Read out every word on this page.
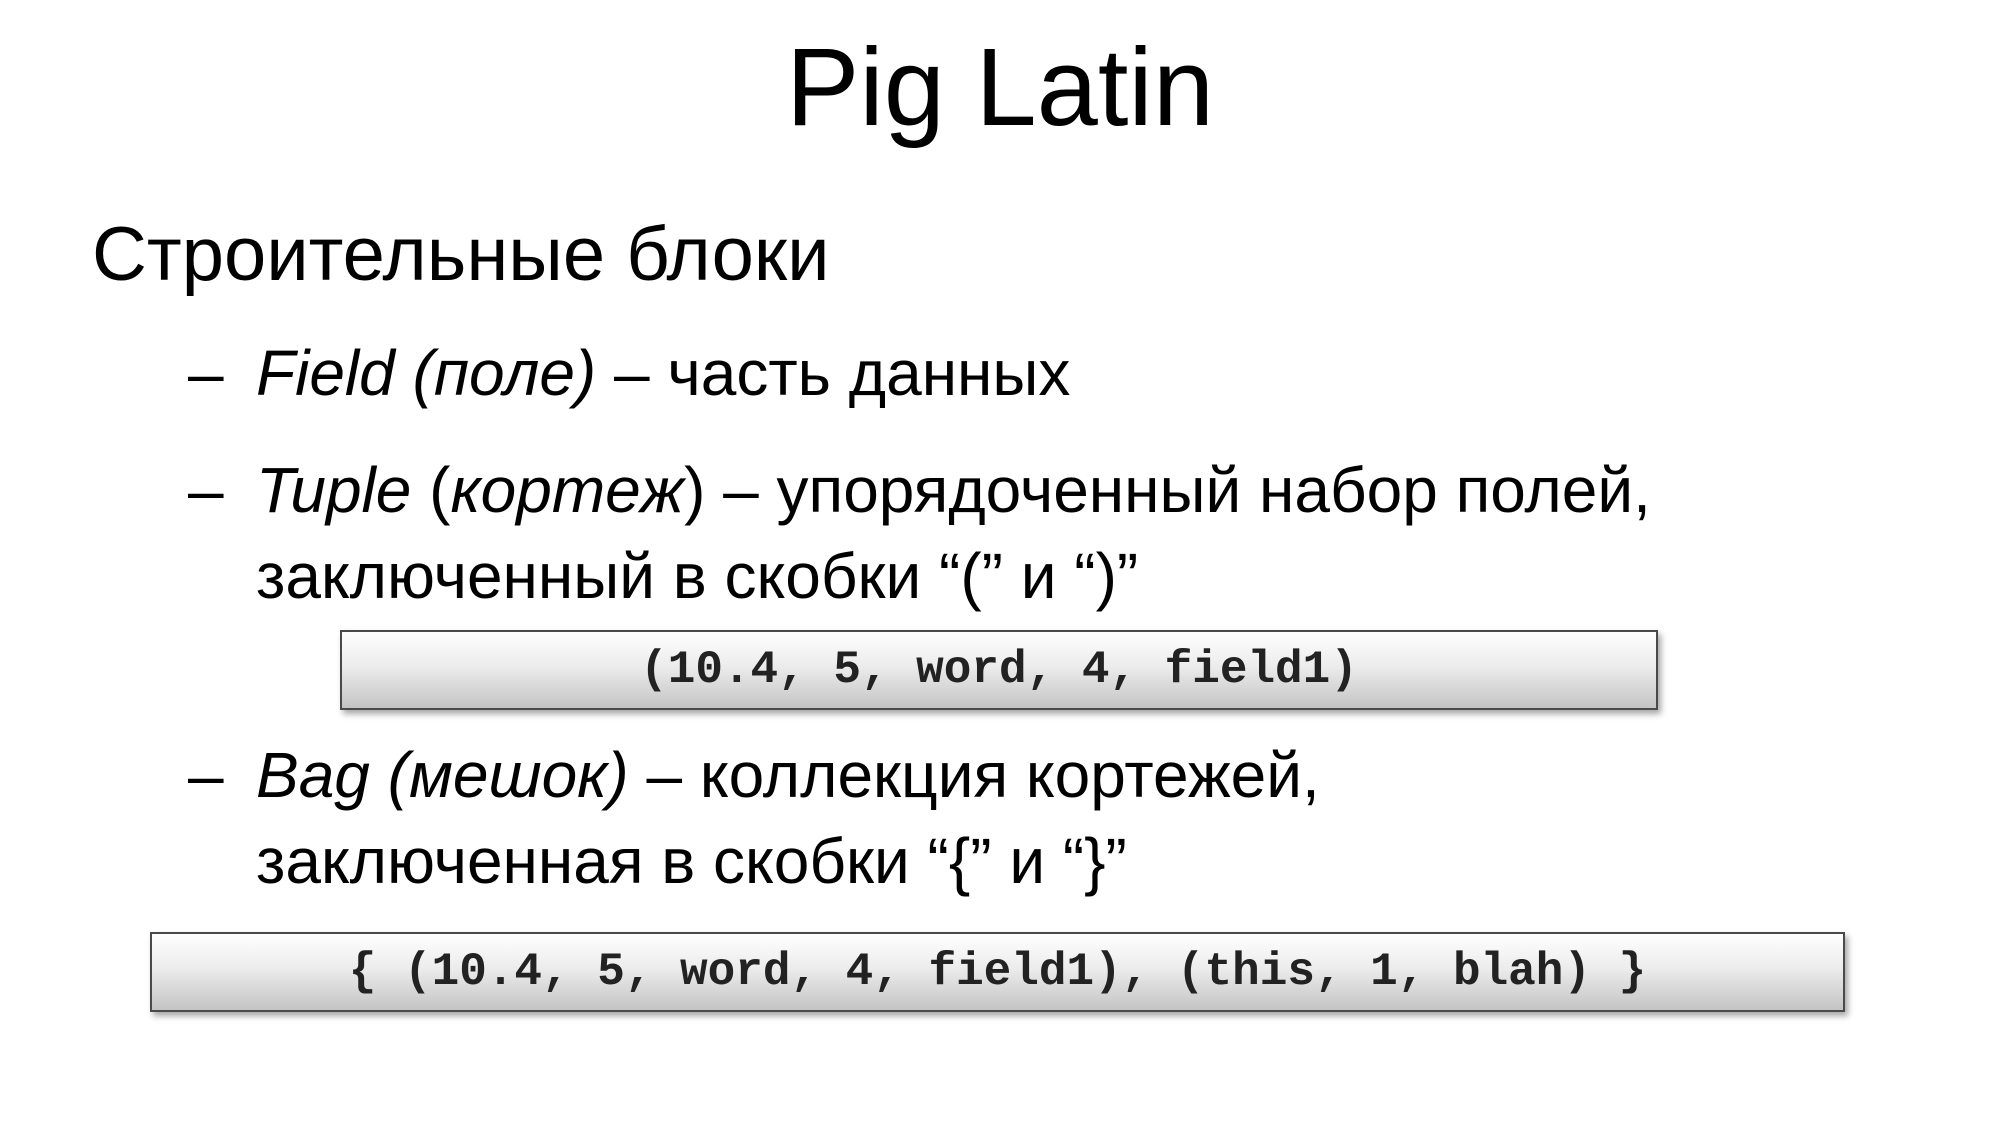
Pig Latin
Строительные блоки
– Field (поле) – часть данных
– Tuple (кортеж) – упорядоченный набор полей,
заключенный в скобки “(” и “)”
(10.4, 5, word, 4, field1)
– Bag (мешок) – коллекция кортежей,
заключенная в скобки “{” и “}”
{ (10.4, 5, word, 4, field1), (this, 1, blah) }
